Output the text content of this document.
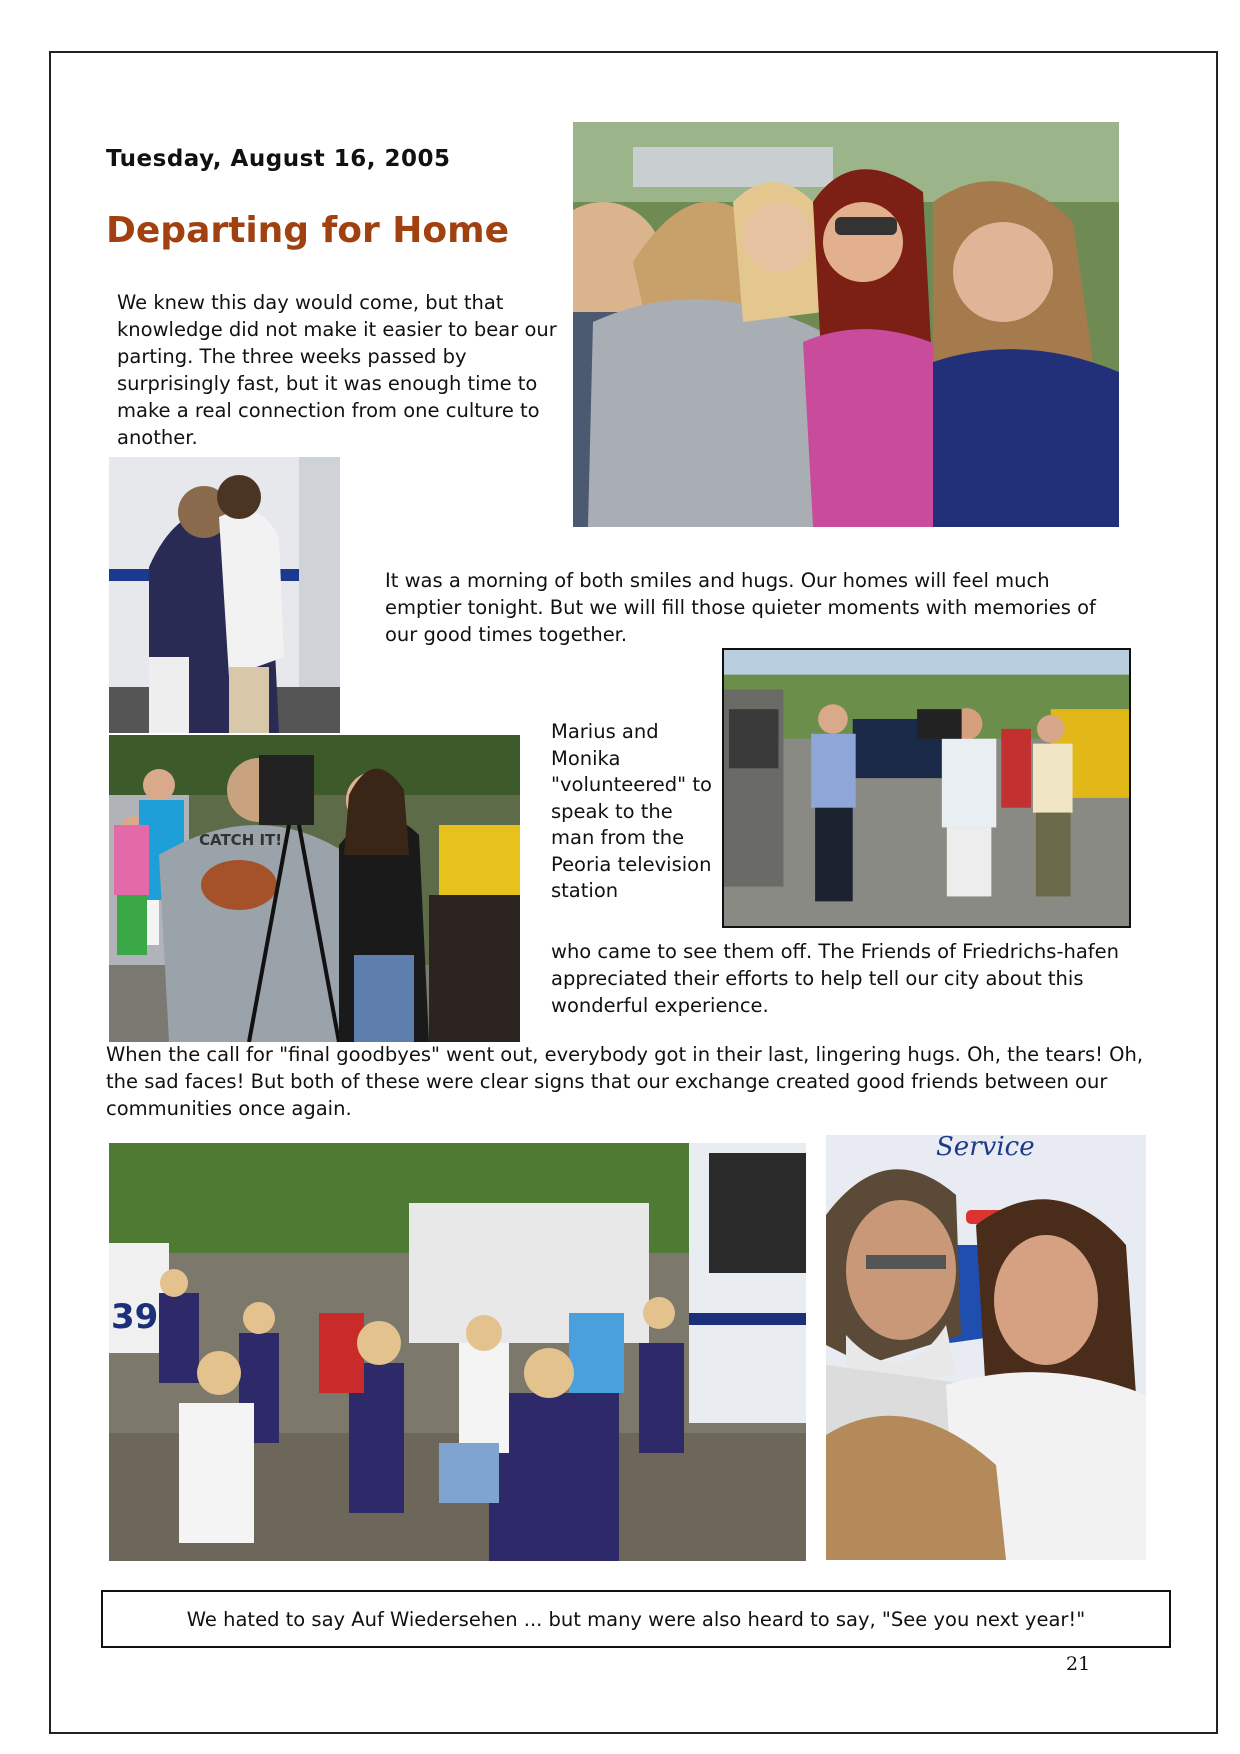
Tuesday, August 16, 2005
Departing for Home
We knew this day would come, but that knowledge did not make it easier to bear our parting. The three weeks passed by surprisingly fast, but it was enough time to make a real connection from one culture to another.
It was a morning of both smiles and hugs. Our homes will feel much emptier tonight. But we will fill those quieter moments with memories of our good times together.
CATCH IT!
Marius and Monika "volunteered" to speak to the man from the Peoria television station
who came to see them off. The Friends of Friedrichs-hafen appreciated their efforts to help tell our city about this wonderful experience.
When the call for "final goodbyes" went out, everybody got in their last, lingering hugs. Oh, the tears! Oh, the sad faces! But both of these were clear signs that our exchange created good friends between our communities once again.
39
Service
We hated to say Auf Wiedersehen ... but many were also heard to say, "See you next year!"
21
